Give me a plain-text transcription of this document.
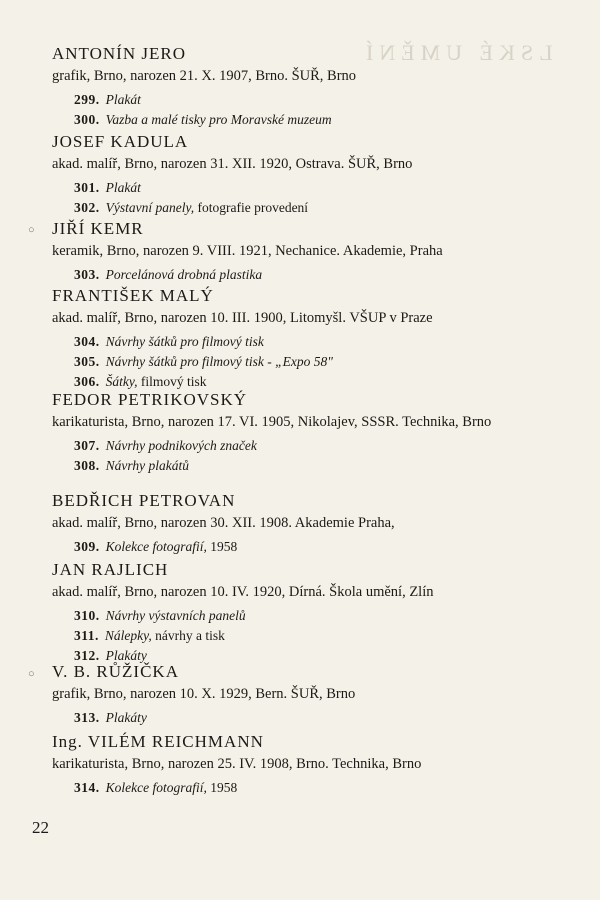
LSKÉ UMĚNÍ
ANTONÍN JERO
grafik, Brno, narozen 21. X. 1907, Brno. ŠUŘ, Brno
299. Plakát
300. Vazba a malé tisky pro Moravské muzeum
JOSEF KADULA
akad. malíř, Brno, narozen 31. XII. 1920, Ostrava. ŠUŘ, Brno
301. Plakát
302. Výstavní panely, fotografie provedení
○ JIŘÍ KEMR
keramik, Brno, narozen 9. VIII. 1921, Nechanice. Akademie, Praha
303. Porcelánová drobná plastika
FRANTIŠEK MALÝ
akad. malíř, Brno, narozen 10. III. 1900, Litomyšl. VŠUP v Praze
304. Návrhy šátků pro filmový tisk
305. Návrhy šátků pro filmový tisk - „Expo 58"
306. Šátky, filmový tisk
FEDOR PETRIKOVSKÝ
karikaturista, Brno, narozen 17. VI. 1905, Nikolajev, SSSR. Technika, Brno
307. Návrhy podnikových značek
308. Návrhy plakátů
BEDŘICH PETROVAN
akad. malíř, Brno, narozen 30. XII. 1908. Akademie Praha,
309. Kolekce fotografií, 1958
JAN RAJLICH
akad. malíř, Brno, narozen 10. IV. 1920, Dírná. Škola umění, Zlín
310. Návrhy výstavních panelů
311. Nálepky, návrhy a tisk
312. Plakáty
○ V. B. RŮŽIČKA
grafik, Brno, narozen 10. X. 1929, Bern. ŠUŘ, Brno
313. Plakáty
Ing. VILÉM REICHMANN
karikaturista, Brno, narozen 25. IV. 1908, Brno. Technika, Brno
314. Kolekce fotografií, 1958
22
